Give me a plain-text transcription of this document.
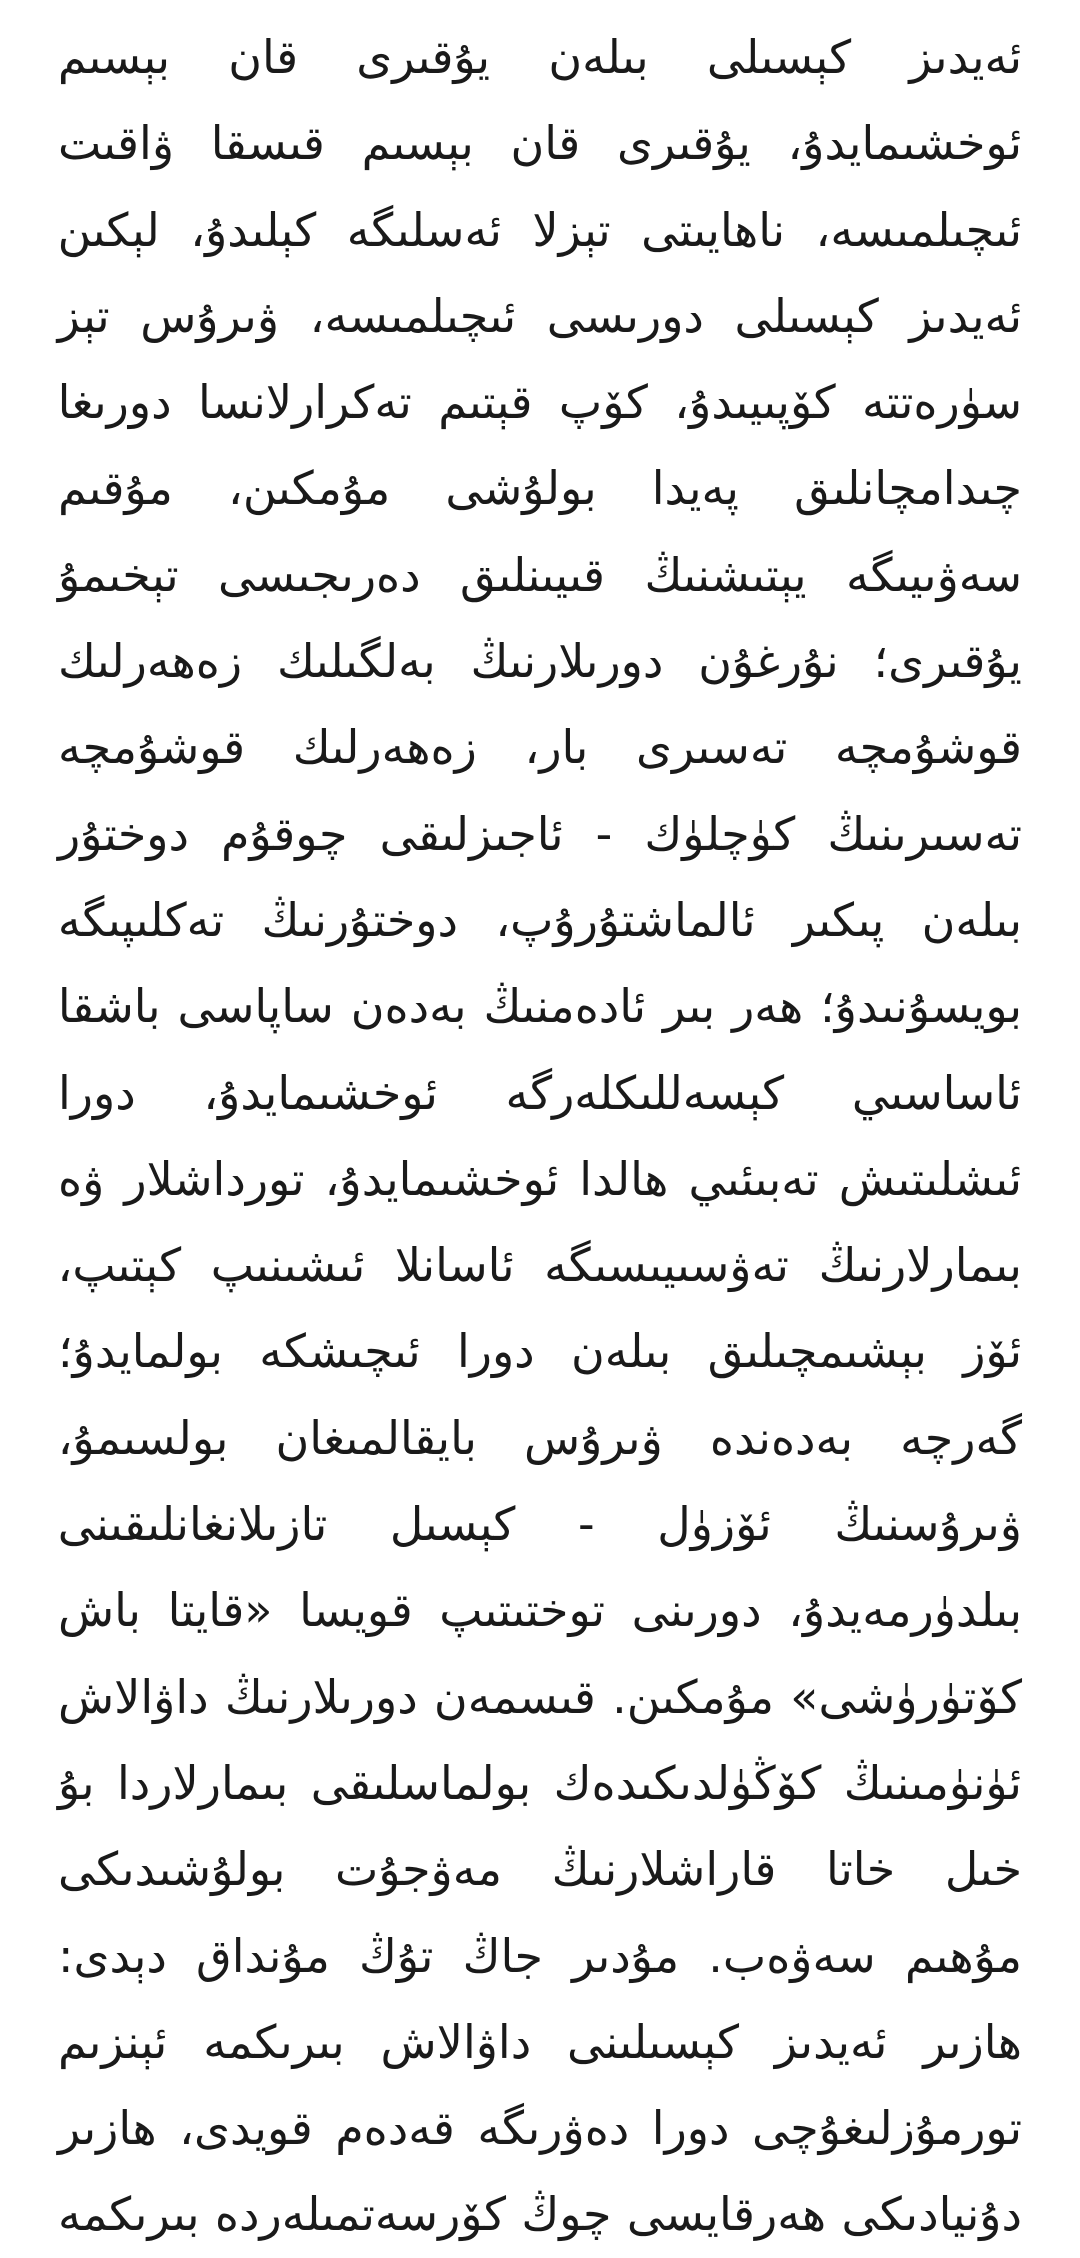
ئەيدىز كېسىلى بىلەن يۇقىرى قان بېسىم
ئوخشىمايدۇ، يۇقىرى قان بېسىم قىسقا ۋاقىت
ئىچىلمىسە، ناھايىتى تېزلا ئەسلىگە كېلىدۇ، لېكىن
ئەيدىز كېسىلى دورىسى ئىچىلمىسە، ۋىرۇس تېز
سۈرەتتە كۆپىيىدۇ، كۆپ قېتىم تەكرارلانسا دورىغا
چىدامچانلىق پەيدا بولۇشى مۇمكىن، مۇقىم
سەۋىيىگە يېتىشنىڭ قىيىنلىق دەرىجىسى تېخىمۇ
يۇقىرى؛ نۇرغۇن دورىلارنىڭ بەلگىلىك زەھەرلىك
قوشۇمچە تەسىرى بار، زەھەرلىك قوشۇمچە
تەسىرىنىڭ كۈچلۈك - ئاجىزلىقى چوقۇم دوختۇر
بىلەن پىكىر ئالماشتۇرۇپ، دوختۇرنىڭ تەكلىپىگە
بويسۇنىدۇ؛ ھەر بىر ئادەمنىڭ بەدەن ساپاسى باشقا
ئاساسىي كېسەللىكلەرگە ئوخشىمايدۇ، دورا
ئىشلىتىش تەبىئىي ھالدا ئوخشىمايدۇ، تورداشلار ۋە
بىمارلارنىڭ تەۋسىيىسىگە ئاسانلا ئىشىنىپ كېتىپ،
ئۆز بېشىمچىلىق بىلەن دورا ئىچىشكە بولمايدۇ؛
گەرچە بەدەندە ۋىرۇس بايقالمىغان بولسىمۇ،
ۋىرۇسنىڭ ئۆزۈل - كېسىل تازىلانغانلىقىنى
بىلدۈرمەيدۇ، دورىنى توختىتىپ قويسا «قايتا باش
كۆتۈرۈشى» مۇمكىن. قىسمەن دورىلارنىڭ داۋالاش
ئۈنۈمىنىڭ كۆڭۈلدىكىدەك بولماسلىقى بىمارلاردا بۇ
خىل خاتا قاراشلارنىڭ مەۋجۇت بولۇشىدىكى
مۇھىم سەۋەب. مۇدىر جاڭ تۇڭ مۇنداق دېدى:
ھازىر ئەيدىز كېسىلىنى داۋالاش بىرىكمە ئېنزىم
تورمۇزلىغۇچى دورا دەۋرىگە قەدەم قويدى، ھازىر
دۇنيادىكى ھەرقايسى چوڭ كۆرسەتمىلەردە بىرىكمە
